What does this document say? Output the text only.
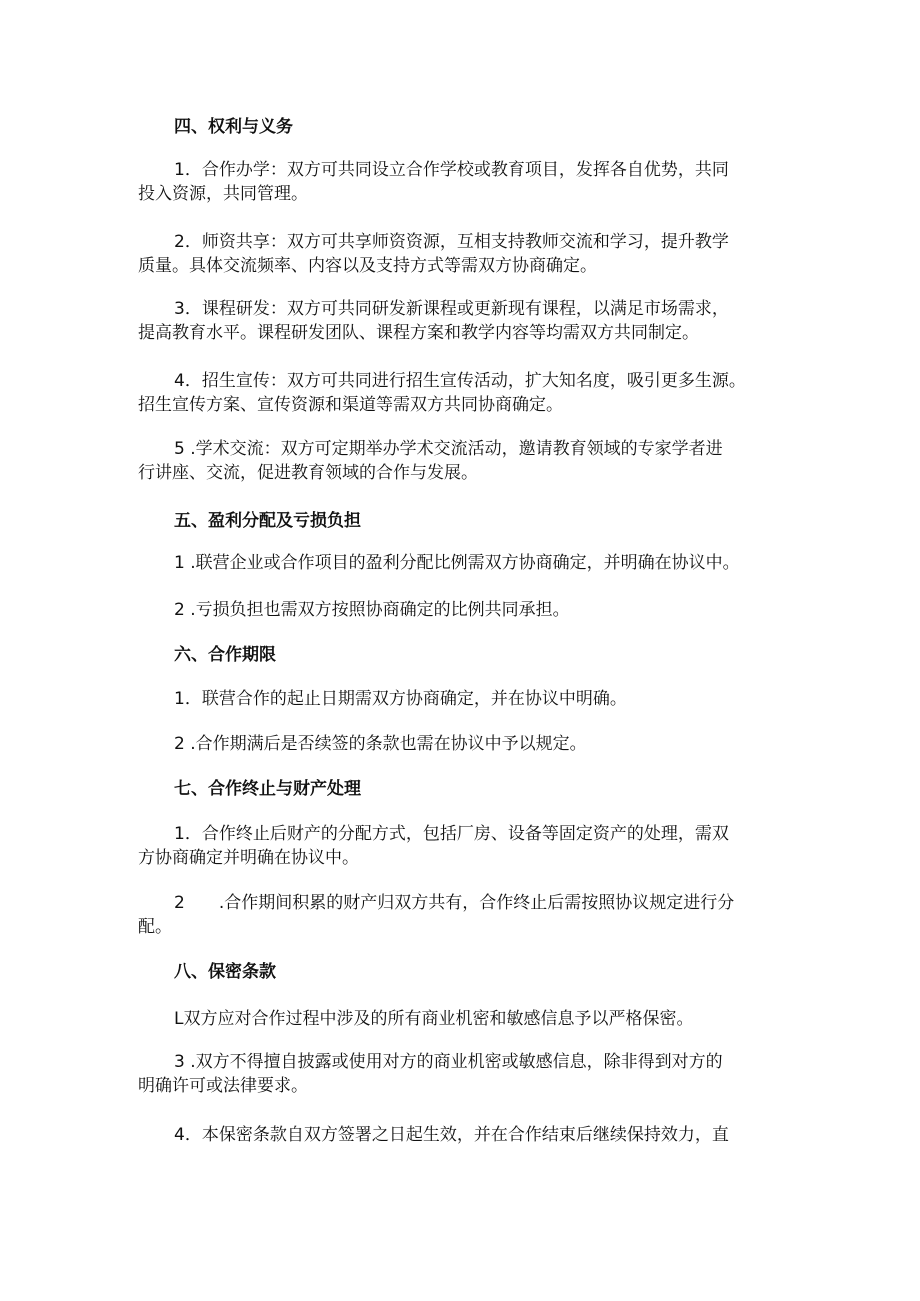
四、权利与义务

1．合作办学：双方可共同设立合作学校或教育项目，发挥各自优势，共同
投入资源，共同管理。

2．师资共享：双方可共享师资资源，互相支持教师交流和学习，提升教学
质量。具体交流频率、内容以及支持方式等需双方协商确定。

3．课程研发：双方可共同研发新课程或更新现有课程，以满足市场需求，
提高教育水平。课程研发团队、课程方案和教学内容等均需双方共同制定。

4．招生宣传：双方可共同进行招生宣传活动，扩大知名度，吸引更多生源。
招生宣传方案、宣传资源和渠道等需双方共同协商确定。

5 .学术交流：双方可定期举办学术交流活动，邀请教育领域的专家学者进
行讲座、交流，促进教育领域的合作与发展。

五、盈利分配及亏损负担

1 .联营企业或合作项目的盈利分配比例需双方协商确定，并明确在协议中。

2 .亏损负担也需双方按照协商确定的比例共同承担。

六、合作期限

1．联营合作的起止日期需双方协商确定，并在协议中明确。

2 .合作期满后是否续签的条款也需在协议中予以规定。

七、合作终止与财产处理

1．合作终止后财产的分配方式，包括厂房、设备等固定资产的处理，需双
方协商确定并明确在协议中。

2 .合作期间积累的财产归双方共有，合作终止后需按照协议规定进行分
配。

八、保密条款

L双方应对合作过程中涉及的所有商业机密和敏感信息予以严格保密。

3 .双方不得擅自披露或使用对方的商业机密或敏感信息，除非得到对方的
明确许可或法律要求。

4．本保密条款自双方签署之日起生效，并在合作结束后继续保持效力，直
